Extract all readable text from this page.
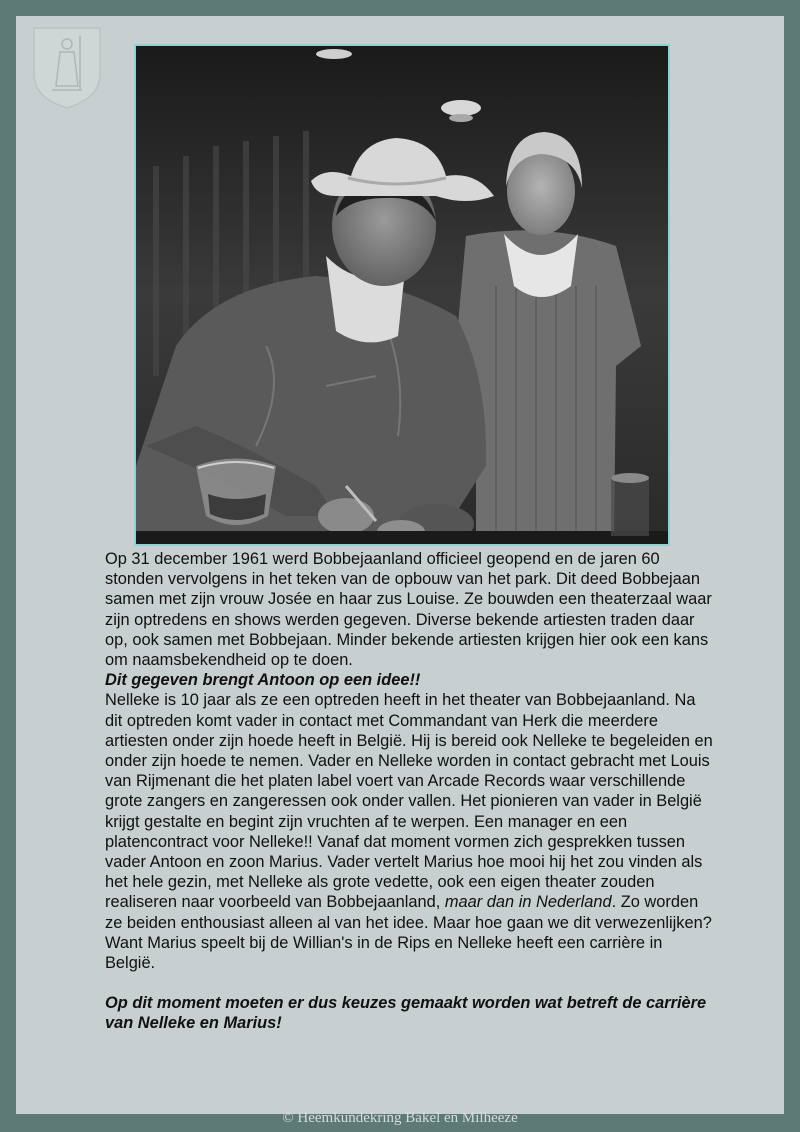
Op 31 december 1961 werd Bobbejaanland officieel geopend en de jaren 60 stonden vervolgens in het teken van de opbouw van het park. Dit deed Bobbejaan samen met zijn vrouw Josée en haar zus Louise. Ze bouwden een theaterzaal waar zijn optredens en shows werden gegeven. Diverse bekende artiesten traden daar op, ook samen met Bobbejaan. Minder bekende artiesten krijgen hier ook een kans om naamsbekendheid op te doen.

Dit gegeven brengt Antoon op een idee!!

Nelleke is 10 jaar als ze een optreden heeft in het theater van Bobbejaanland. Na dit optreden komt vader in contact met Commandant van Herk die meerdere artiesten onder zijn hoede heeft in België. Hij is bereid ook Nelleke te begeleiden en onder zijn hoede te nemen. Vader en Nelleke worden in contact gebracht met Louis van Rijmenant die het platen label voert van Arcade Records waar verschillende grote zangers en zangeressen ook onder vallen. Het pionieren van vader in België krijgt gestalte en begint zijn vruchten af te werpen. Een manager en een platencontract voor Nelleke!! Vanaf dat moment vormen zich gesprekken tussen vader Antoon en zoon Marius. Vader vertelt Marius hoe mooi hij het zou vinden als het hele gezin, met Nelleke als grote vedette, ook een eigen theater zouden realiseren naar voorbeeld van Bobbejaanland, maar dan in Nederland. Zo worden ze beiden enthousiast alleen al van het idee. Maar hoe gaan we dit verwezenlijken? Want Marius speelt bij de Willian's in de Rips en Nelleke heeft een carrière in België.

Op dit moment moeten er dus keuzes gemaakt worden wat betreft de carrière van Nelleke en Marius!

© Heemkundekring Bakel en Milheeze
